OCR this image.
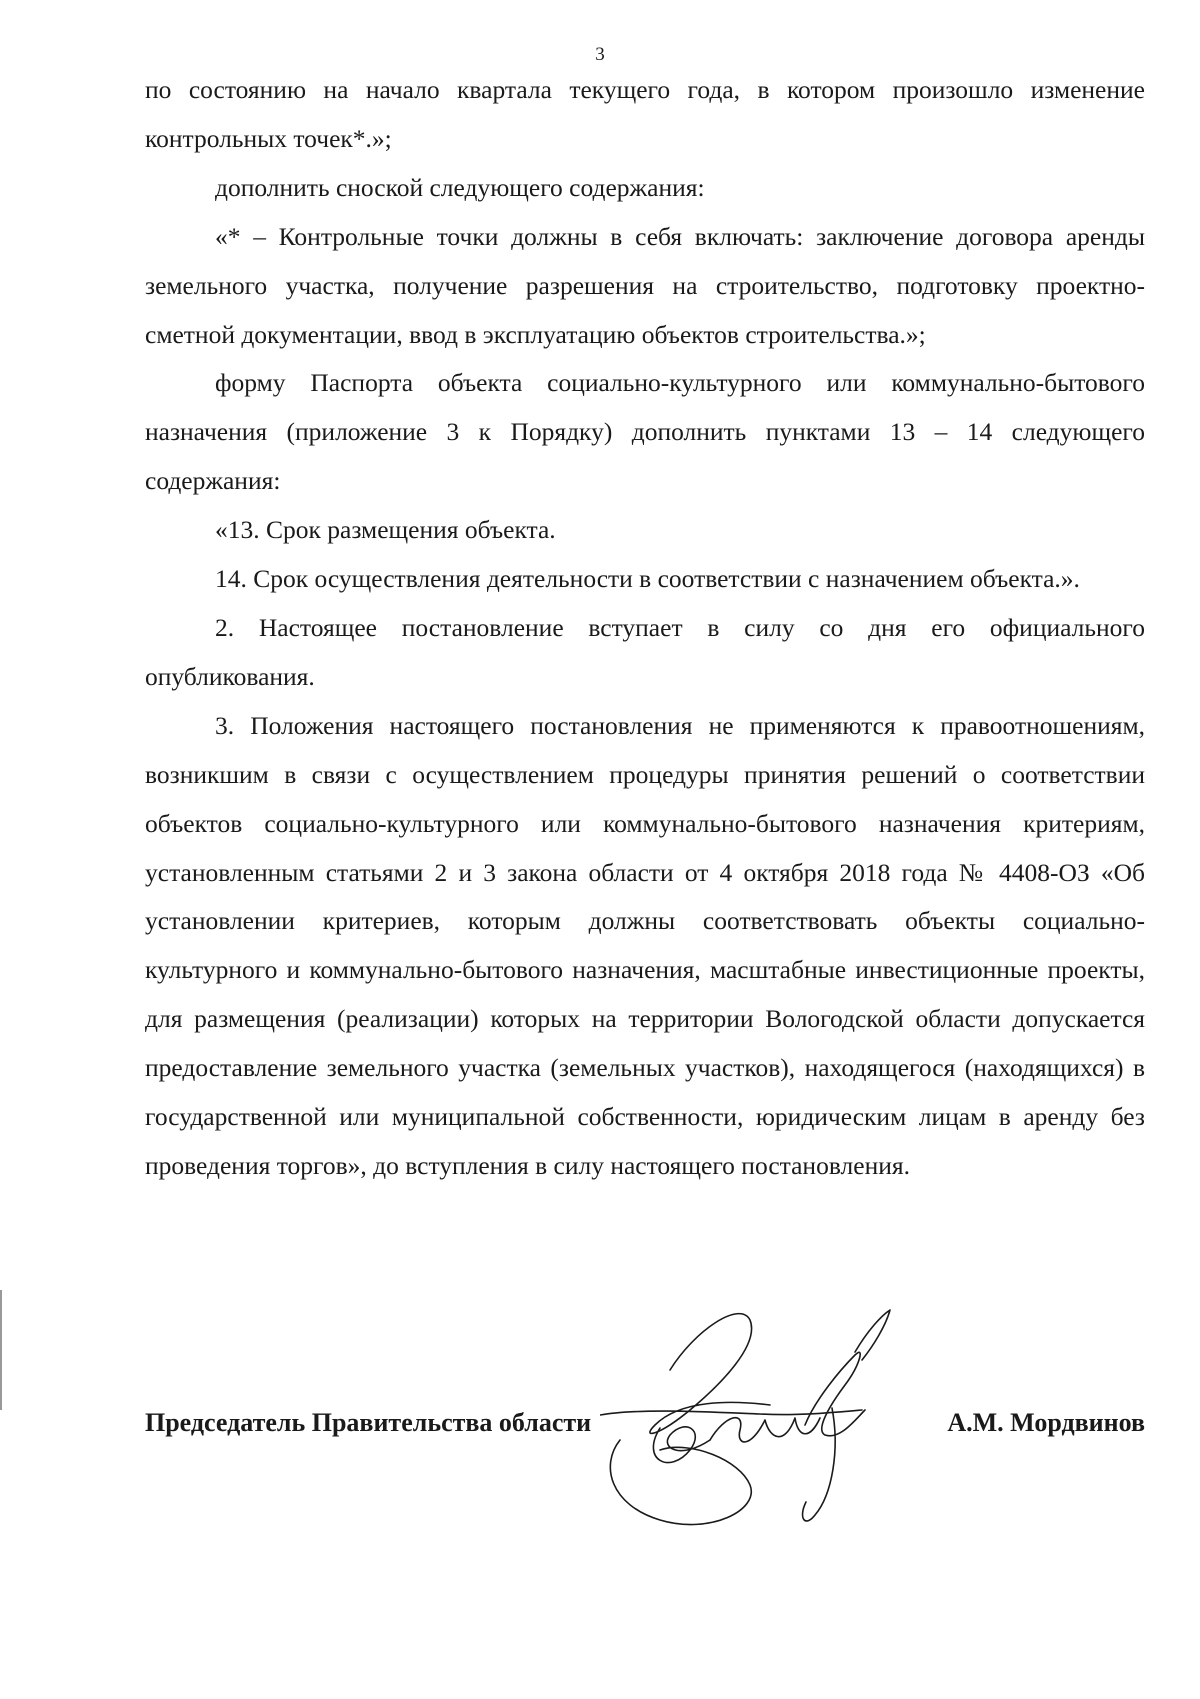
3

по состоянию на начало квартала текущего года, в котором произошло изменение контрольных точек*.»;

дополнить сноской следующего содержания:

«* – Контрольные точки должны в себя включать: заключение договора аренды земельного участка, получение разрешения на строительство, подготовку проектно-сметной документации, ввод в эксплуатацию объектов строительства.»;

форму Паспорта объекта социально-культурного или коммунально-бытового назначения (приложение 3 к Порядку) дополнить пунктами 13 – 14 следующего содержания:

«13. Срок размещения объекта.

14. Срок осуществления деятельности в соответствии с назначением объекта.».

2. Настоящее постановление вступает в силу со дня его официального опубликования.

3. Положения настоящего постановления не применяются к правоотношениям, возникшим в связи с осуществлением процедуры принятия решений о соответствии объектов социально-культурного или коммунально-бытового назначения критериям, установленным статьями 2 и 3 закона области от 4 октября 2018 года № 4408-ОЗ «Об установлении критериев, которым должны соответствовать объекты социально-культурного и коммунально-бытового назначения, масштабные инвестиционные проекты, для размещения (реализации) которых на территории Вологодской области допускается предоставление земельного участка (земельных участков), находящегося (находящихся) в государственной или муниципальной собственности, юридическим лицам в аренду без проведения торгов», до вступления в силу настоящего постановления.

Председатель Правительства области	А.М. Мордвинов
